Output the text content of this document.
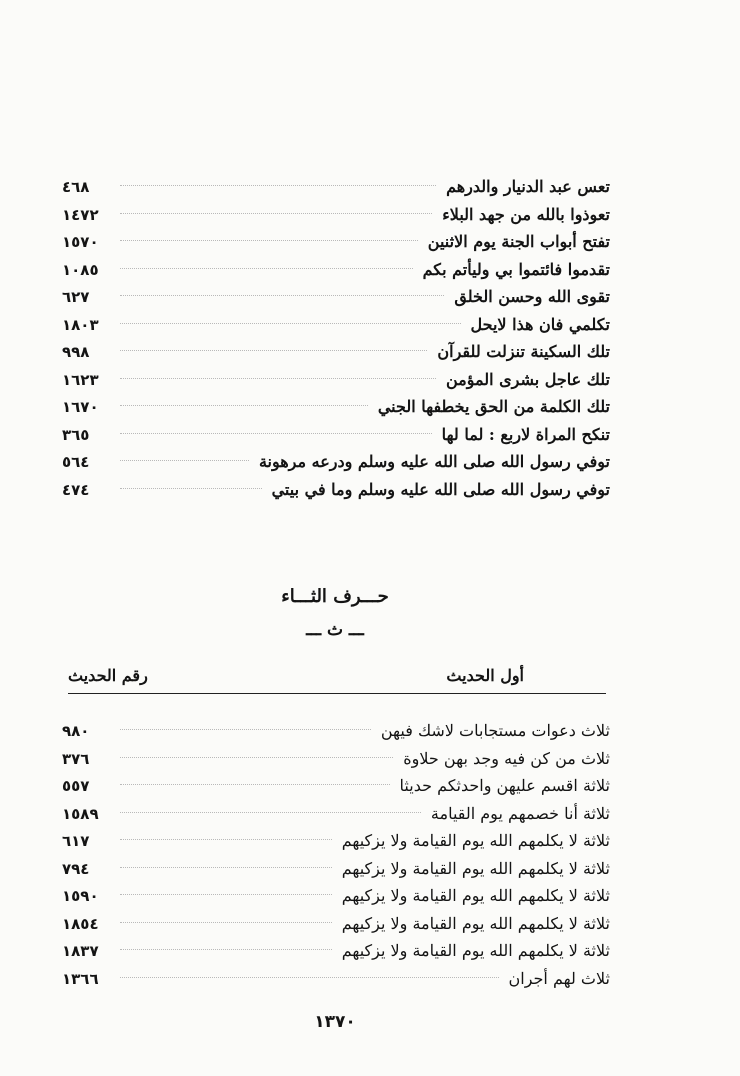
تعس عبد الدنيار والدرهم
٤٦٨
تعوذوا بالله من جهد البلاء
١٤٧٢
تفتح أبواب الجنة يوم الاثنين
١٥٧٠
تقدموا فائتموا بي وليأتم بكم
١٠٨٥
تقوى الله وحسن الخلق
٦٢٧
تكلمي فان هذا لايحل
١٨٠٣
تلك السكينة تنزلت للقرآن
٩٩٨
تلك عاجل بشرى المؤمن
١٦٢٣
تلك الكلمة من الحق يخطفها الجني
١٦٧٠
تنكح المراة لاربع : لما لها
٣٦٥
توفي رسول الله صلى الله عليه وسلم ودرعه مرهونة
٥٦٤
توفي رسول الله صلى الله عليه وسلم وما في بيتي
٤٧٤
حـــرف الثـــاء
ـــ ث ـــ
أول الحديث
رقم الحديث
ثلاث دعوات مستجابات لاشك فيهن
٩٨٠
ثلاث من كن فيه وجد بهن حلاوة
٣٧٦
ثلاثة اقسم عليهن واحدثكم حديثا
٥٥٧
ثلاثة أنا خصمهم يوم القيامة
١٥٨٩
ثلاثة لا يكلمهم الله يوم القيامة ولا يزكيهم
٦١٧
ثلاثة لا يكلمهم الله يوم القيامة ولا يزكيهم
٧٩٤
ثلاثة لا يكلمهم الله يوم القيامة ولا يزكيهم
١٥٩٠
ثلاثة لا يكلمهم الله يوم القيامة ولا يزكيهم
١٨٥٤
ثلاثة لا يكلمهم الله يوم القيامة ولا يزكيهم
١٨٣٧
ثلاث لهم أجران
١٣٦٦
١٣٧٠
